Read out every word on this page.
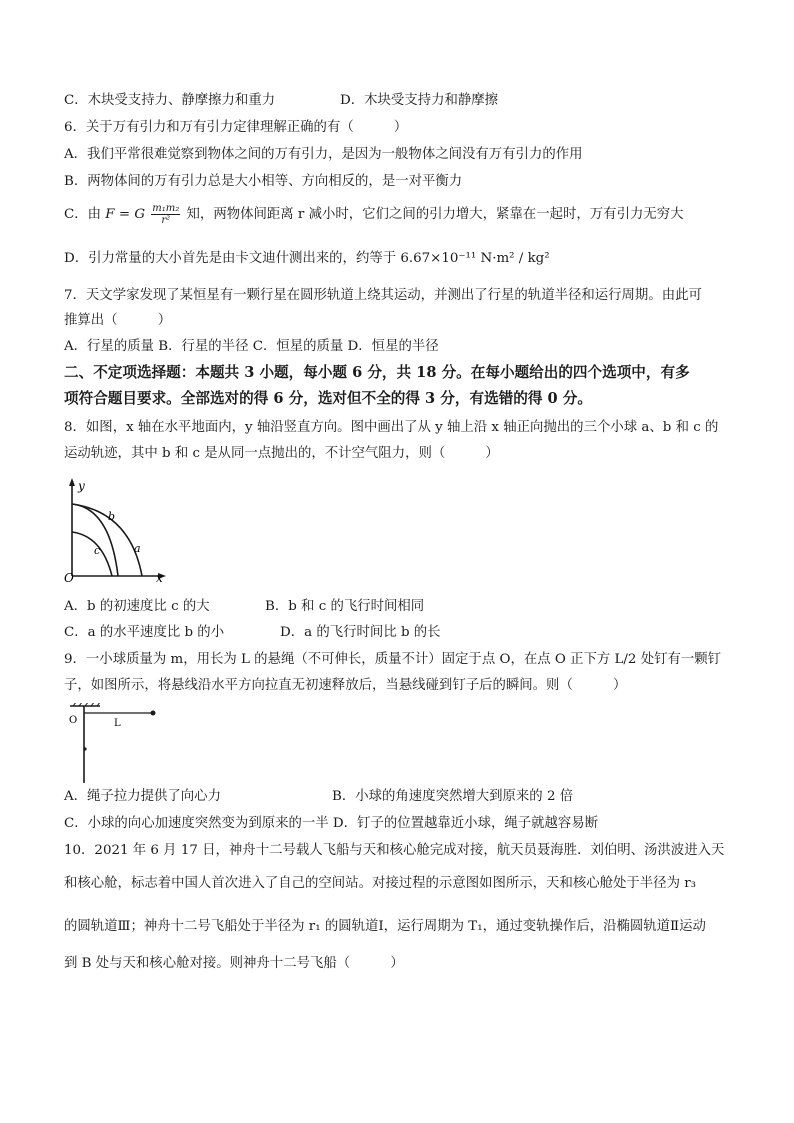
C．木块受支持力、静摩擦力和重力	D．木块受支持力和静摩擦
6．关于万有引力和万有引力定律理解正确的有（　　　）
A．我们平常很难觉察到物体之间的万有引力，是因为一般物体之间没有万有引力的作用
B．两物体间的万有引力总是大小相等、方向相反的，是一对平衡力
C．由 F = G $\frac{\text{m₁m₂}}{\text{r²}}$ 知，两物体间距离 r 减小时，它们之间的引力增大，紧靠在一起时，万有引力无穷大
D．引力常量的大小首先是由卡文迪什测出来的，约等于 6.67×10⁻¹¹ N·m² / kg²
7．天文学家发现了某恒星有一颗行星在圆形轨道上绕其运动，并测出了行星的轨道半径和运行周期。由此可
推算出（　　　）
A．行星的质量 B．行星的半径 C．恒星的质量 D．恒星的半径
二、不定项选择题：本题共 3 小题，每小题 6 分，共 18 分。在每小题给出的四个选项中，有多
项符合题目要求。全部选对的得 6 分，选对但不全的得 3 分，有选错的得 0 分。
8．如图，x 轴在水平地面内，y 轴沿竖直方向。图中画出了从 y 轴上沿 x 轴正向抛出的三个小球 a、b 和 c 的
运动轨迹，其中 b 和 c 是从同一点抛出的，不计空气阻力，则（　　　）
y
x
O
a
b
c
A．b 的初速度比 c 的大	B．b 和 c 的飞行时间相同
C．a 的水平速度比 b 的小	D．a 的飞行时间比 b 的长
9．一小球质量为 m，用长为 L 的悬绳（不可伸长，质量不计）固定于点 O，在点 O 正下方 L/2 处钉有一颗钉
子，如图所示，将悬线沿水平方向拉直无初速释放后，当悬线碰到钉子后的瞬间。则（　　　）
O	L
A．绳子拉力提供了向心力	B．小球的角速度突然增大到原来的 2 倍
C．小球的向心加速度突然变为到原来的一半 D．钉子的位置越靠近小球，绳子就越容易断
10．2021 年 6 月 17 日，神舟十二号载人飞船与天和核心舱完成对接，航天员聂海胜．刘伯明、汤洪波进入天
和核心舱，标志着中国人首次进入了自己的空间站。对接过程的示意图如图所示，天和核心舱处于半径为 r₃
的圆轨道Ⅲ；神舟十二号飞船处于半径为 r₁ 的圆轨道Ⅰ，运行周期为 T₁，通过变轨操作后，沿椭圆轨道Ⅱ运动
到 B 处与天和核心舱对接。则神舟十二号飞船（　　　）
